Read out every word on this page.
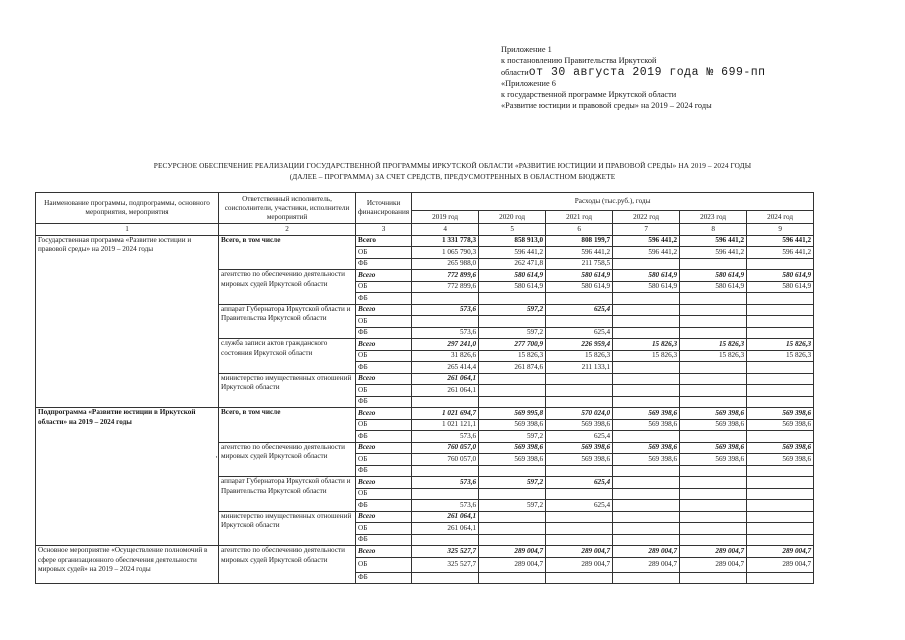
Приложение 1
к постановлению Правительства Иркутской
областиот 30 августа 2019 года № 699-пп
«Приложение 6
к государственной программе Иркутской области
«Развитие юстиции и правовой среды» на 2019 – 2024 годы
РЕСУРСНОЕ ОБЕСПЕЧЕНИЕ РЕАЛИЗАЦИИ ГОСУДАРСТВЕННОЙ ПРОГРАММЫ ИРКУТСКОЙ ОБЛАСТИ «РАЗВИТИЕ ЮСТИЦИИ И ПРАВОВОЙ СРЕДЫ» НА 2019 – 2024 ГОДЫ
(ДАЛЕЕ – ПРОГРАММА) ЗА СЧЕТ СРЕДСТВ, ПРЕДУСМОТРЕННЫХ В ОБЛАСТНОМ БЮДЖЕТЕ
·
Наименование программы, подпрограммы, основного мероприятия, мероприятия	Ответственный исполнитель, соисполнители, участники, исполнители мероприятий	Источники финансирования	Расходы (тыс.руб.), годы					
			2019 год	2020 год	2021 год	2022 год	2023 год	2024 год
1	2	3	4	5	6	7	8	9
Государственная программа «Развитие юстиции и правовой среды» на 2019 – 2024 годы	Всего, в том числе	Всего	1 331 778,3	858 913,0	808 199,7	596 441,2	596 441,2	596 441,2
		ОБ	1 065 790,3	596 441,2	596 441,2	596 441,2	596 441,2	596 441,2
		ФБ	265 988,0	262 471,8	211 758,5			
	агентство по обеспечению деятельности мировых судей Иркутской области	Всего	772 899,6	580 614,9	580 614,9	580 614,9	580 614,9	580 614,9
		ОБ	772 899,6	580 614,9	580 614,9	580 614,9	580 614,9	580 614,9
		ФБ						
	аппарат Губернатора Иркутской области и Правительства Иркутской области	Всего	573,6	597,2	625,4			
		ОБ						
		ФБ	573,6	597,2	625,4			
	служба записи актов гражданского состояния Иркутской области	Всего	297 241,0	277 700,9	226 959,4	15 826,3	15 826,3	15 826,3
		ОБ	31 826,6	15 826,3	15 826,3	15 826,3	15 826,3	15 826,3
		ФБ	265 414,4	261 874,6	211 133,1			
	министерство имущественных отношений Иркутской области	Всего	261 064,1					
		ОБ	261 064,1					
		ФБ						
Подпрограмма «Развитие юстиции в Иркутской области» на 2019 – 2024 годы	Всего, в том числе	Всего	1 021 694,7	569 995,8	570 024,0	569 398,6	569 398,6	569 398,6
		ОБ	1 021 121,1	569 398,6	569 398,6	569 398,6	569 398,6	569 398,6
		ФБ	573,6	597,2	625,4			
	агентство по обеспечению деятельности мировых судей Иркутской области	Всего	760 057,0	569 398,6	569 398,6	569 398,6	569 398,6	569 398,6
		ОБ	760 057,0	569 398,6	569 398,6	569 398,6	569 398,6	569 398,6
		ФБ						
	аппарат Губернатора Иркутской области и Правительства Иркутской области	Всего	573,6	597,2	625,4			
		ОБ						
		ФБ	573,6	597,2	625,4			
	министерство имущественных отношений Иркутской области	Всего	261 064,1					
		ОБ	261 064,1					
		ФБ						
Основное мероприятие «Осуществление полномочий в сфере организационного обеспечения деятельности мировых судей» на 2019 – 2024 годы	агентство по обеспечению деятельности мировых судей Иркутской области	Всего	325 527,7	289 004,7	289 004,7	289 004,7	289 004,7	289 004,7
		ОБ	325 527,7	289 004,7	289 004,7	289 004,7	289 004,7	289 004,7
		ФБ						
